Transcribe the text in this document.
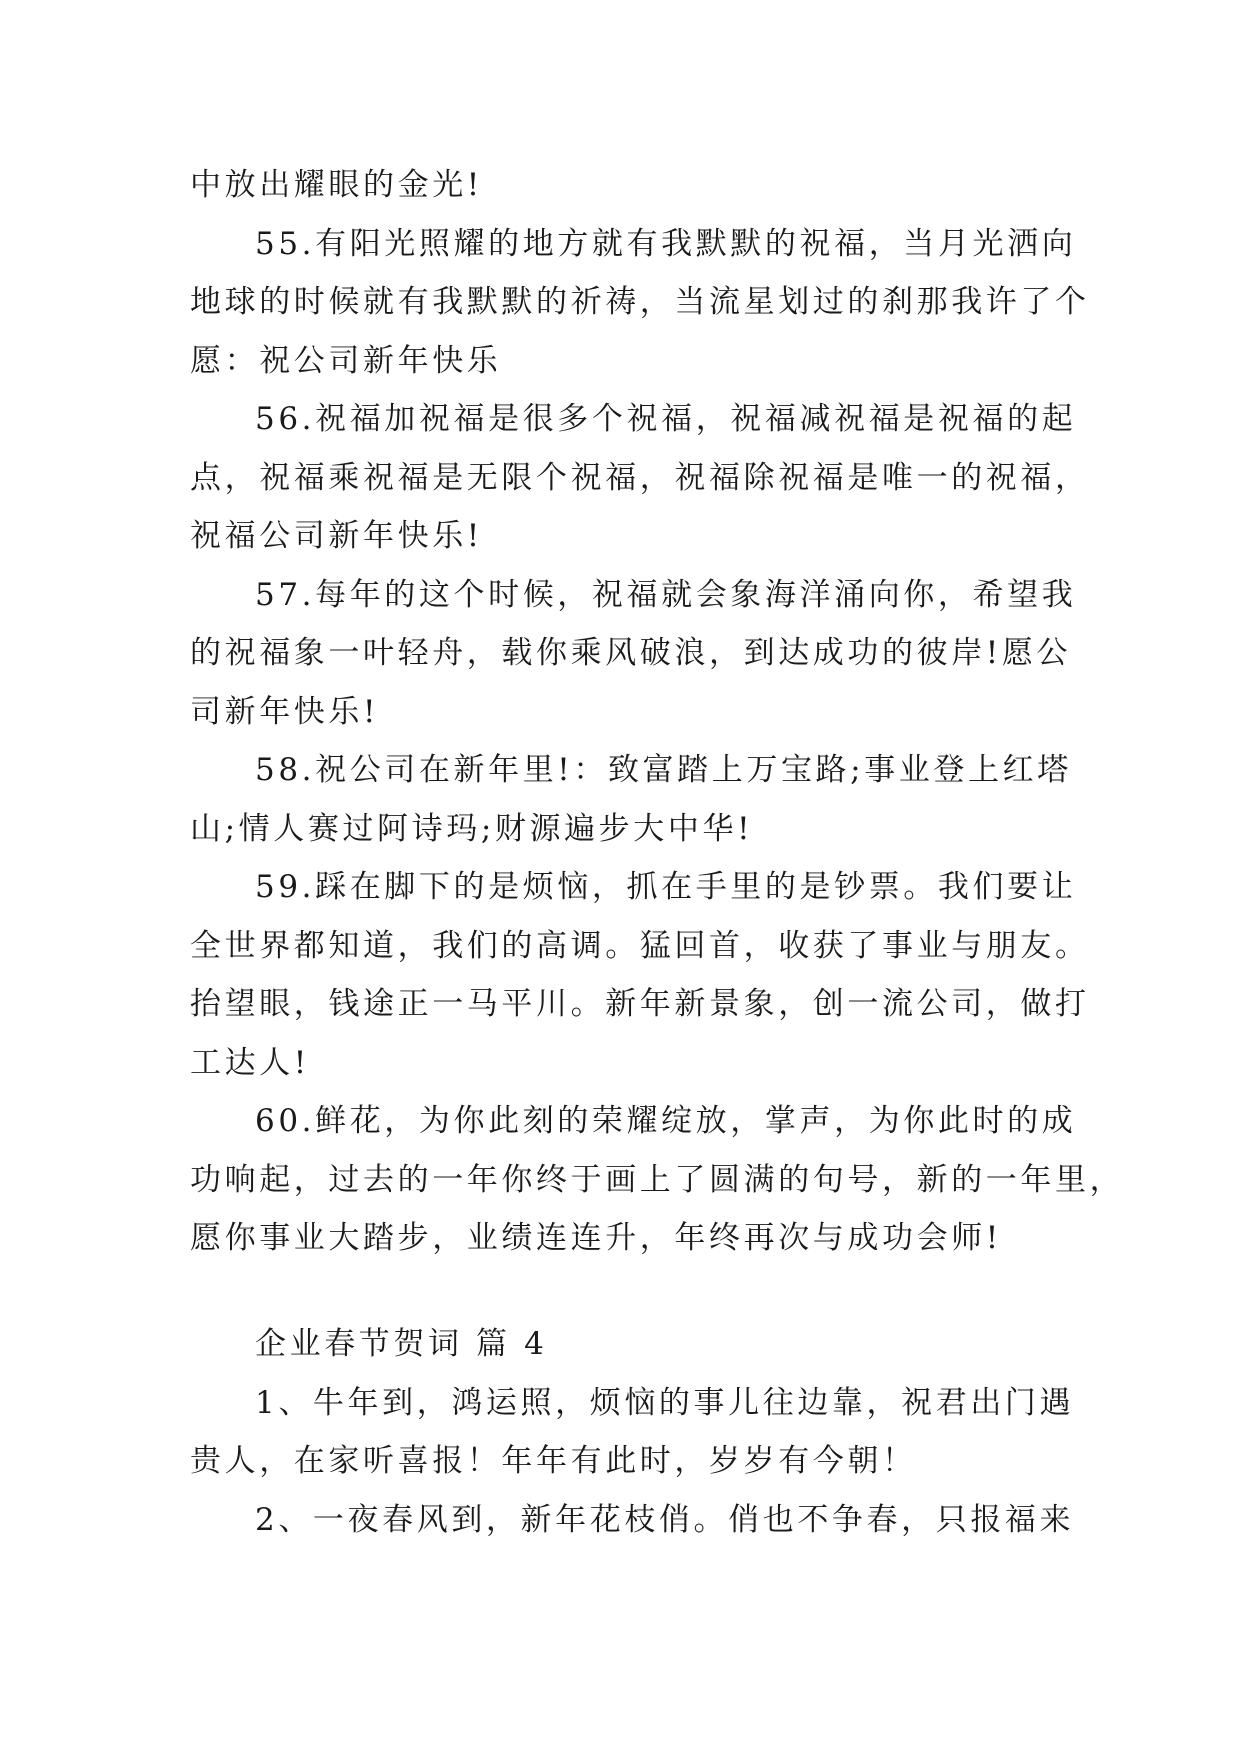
中放出耀眼的金光!
55.有阳光照耀的地方就有我默默的祝福，当月光洒向
地球的时候就有我默默的祈祷，当流星划过的刹那我许了个
愿：祝公司新年快乐
56.祝福加祝福是很多个祝福，祝福减祝福是祝福的起
点，祝福乘祝福是无限个祝福，祝福除祝福是唯一的祝福，
祝福公司新年快乐!
57.每年的这个时候，祝福就会象海洋涌向你，希望我
的祝福象一叶轻舟，载你乘风破浪，到达成功的彼岸!愿公
司新年快乐!
58.祝公司在新年里!：致富踏上万宝路;事业登上红塔
山;情人赛过阿诗玛;财源遍步大中华!
59.踩在脚下的是烦恼，抓在手里的是钞票。我们要让
全世界都知道，我们的高调。猛回首，收获了事业与朋友。
抬望眼，钱途正一马平川。新年新景象，创一流公司，做打
工达人!
60.鲜花，为你此刻的荣耀绽放，掌声，为你此时的成
功响起，过去的一年你终于画上了圆满的句号，新的一年里，
愿你事业大踏步，业绩连连升，年终再次与成功会师!
企业春节贺词 篇 4
1、牛年到，鸿运照，烦恼的事儿往边靠，祝君出门遇
贵人，在家听喜报！年年有此时，岁岁有今朝！
2、一夜春风到，新年花枝俏。俏也不争春，只报福来
